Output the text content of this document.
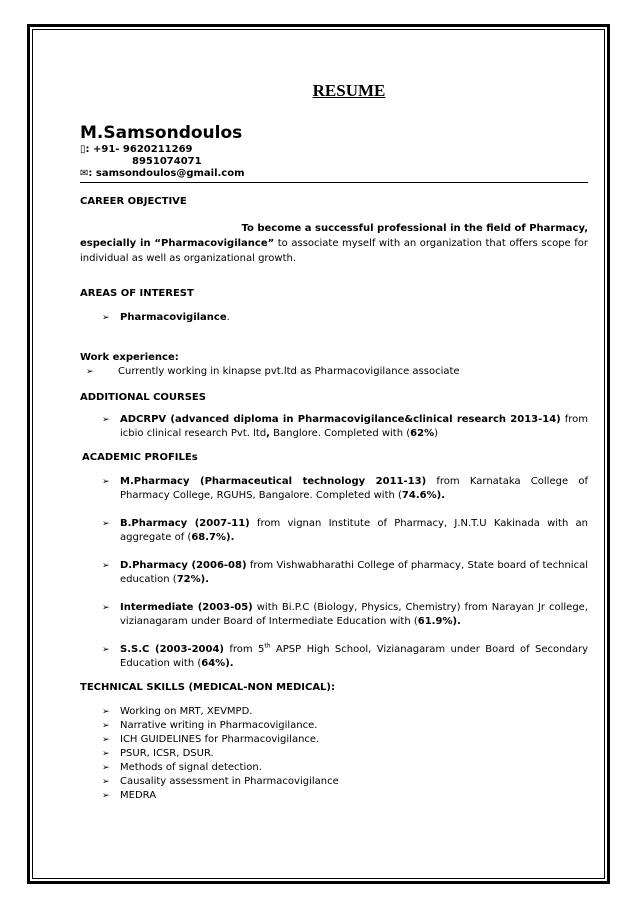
RESUME
M.Samsondoulos
▯: +91- 9620211269
8951074071
✉: samsondoulos@gmail.com
CAREER OBJECTIVE
To become a successful professional in the field of Pharmacy,
especially in “Pharmacovigilance” to associate myself with an organization that offers scope for individual as well as organizational growth.
AREAS OF INTEREST
➢ Pharmacovigilance.
Work experience:
➢ Currently working in kinapse pvt.ltd as Pharmacovigilance associate
ADDITIONAL COURSES
➢ ADCRPV (advanced diploma in Pharmacovigilance&clinical research 2013-14) from icbio clinical research Pvt. ltd, Banglore. Completed with (62%)
ACADEMIC PROFILEs
➢ M.Pharmacy (Pharmaceutical technology 2011-13) from Karnataka College of Pharmacy College, RGUHS, Bangalore. Completed with (74.6%).
➢ B.Pharmacy (2007-11) from vignan Institute of Pharmacy, J.N.T.U Kakinada with an aggregate of (68.7%).
➢ D.Pharmacy (2006-08) from Vishwabharathi College of pharmacy, State board of technical education (72%).
➢ Intermediate (2003-05) with Bi.P.C (Biology, Physics, Chemistry) from Narayan Jr college, vizianagaram under Board of Intermediate Education with (61.9%).
➢ S.S.C (2003-2004) from 5th APSP High School, Vizianagaram under Board of Secondary Education with (64%).
TECHNICAL SKILLS (MEDICAL-NON MEDICAL):
➢ Working on MRT, XEVMPD.
➢ Narrative writing in Pharmacovigilance.
➢ ICH GUIDELINES for Pharmacovigilance.
➢ PSUR, ICSR, DSUR.
➢ Methods of signal detection.
➢ Causality assessment in Pharmacovigilance
➢ MEDRA
